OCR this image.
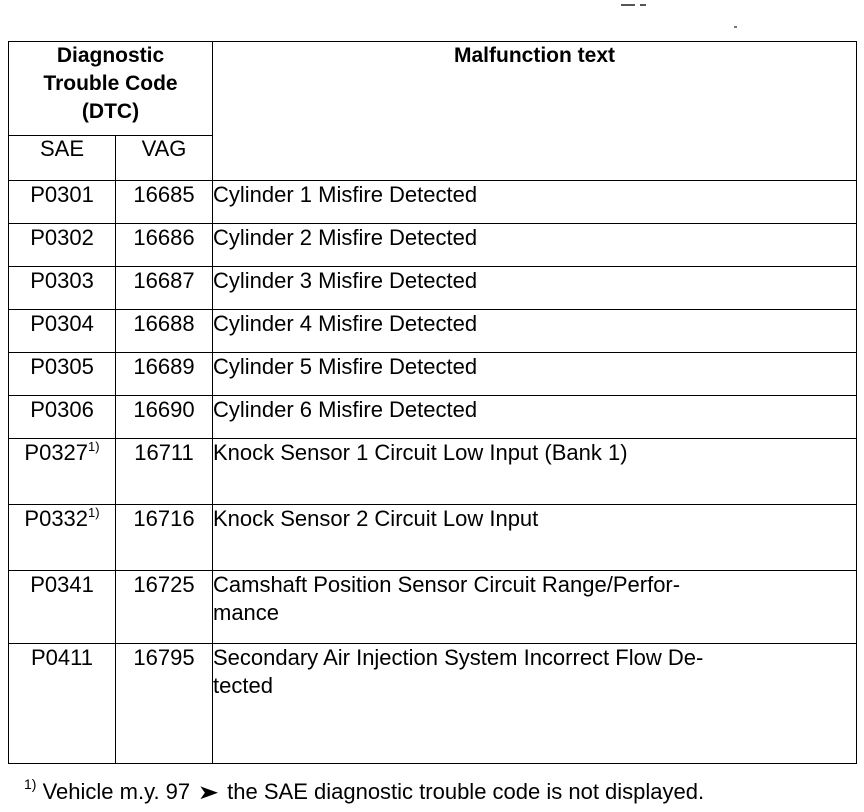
Diagnostic
Trouble Code
(DTC)		Malfunction text
SAE	VAG	
P0301	16685	Cylinder 1 Misfire Detected
P0302	16686	Cylinder 2 Misfire Detected
P0303	16687	Cylinder 3 Misfire Detected
P0304	16688	Cylinder 4 Misfire Detected
P0305	16689	Cylinder 5 Misfire Detected
P0306	16690	Cylinder 6 Misfire Detected
P0327$^{1)}$	16711	Knock Sensor 1 Circuit Low Input (Bank 1)
P0332$^{1)}$	16716	Knock Sensor 2 Circuit Low Input
P0341	16725	Camshaft Position Sensor Circuit Range/Perfor-
mance

P0411	16795	Secondary Air Injection System Incorrect Flow De-
tected
$^{1)}$ Vehicle m.y. 97 ➤ the SAE diagnostic trouble code is not displayed.
